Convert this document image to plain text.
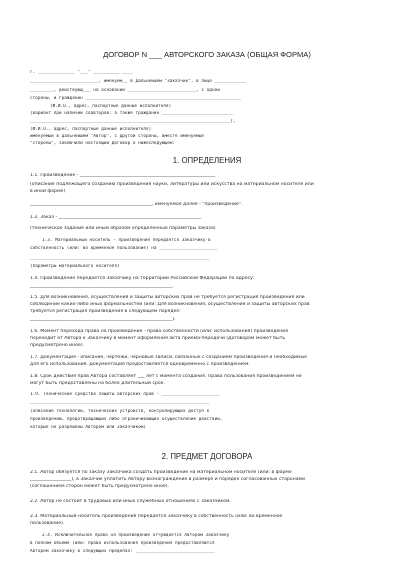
ДОГОВОР N ___ АВТОРСКОГО ЗАКАЗА (ОБЩАЯ ФОРМА)
г. ______________ "___" __________ ____
__________________________, именуем__ в дальнейшем "Заказчик", в лице ____________
_________, действующ___ на основании __________________________, с одной
стороны, и гражданин ___________________________________________________________
(Ф.И.О., адрес, паспортные данные исполнителя)
(вариант при наличии соавторов: а также гражданин ___________________________
____________________________________________________________________________),
(Ф.И.О., адрес, паспортные данные исполнителя)
именуемый в дальнейшем "Автор", с другой стороны, вместе именуемые
"стороны", заключили настоящий Договор о нижеследующем:
1. ОПРЕДЕЛЕНИЯ
1.1. Произведение - ___________________________________________________________
(описание подлежащего созданию произведения науки, литературы или искусства на материальном носителе или
в иной форме)
_____________________________________________________, именуемое далее - "произведение".
1.2. Заказ - ______________________________________________________________
(техническое задание или иным образом определенные параметры заказа)
1.3. Материальный носитель - произведение передается Заказчику в
собственность (или: во временное пользование) на ______________________
____________________________________________________________________
(параметры материального носителя)
1.4. Произведение передается Заказчику на территории Российской Федерации по адресу:
______________________________________________________________.
1.5. Для возникновения, осуществления и защиты авторских прав не требуется регистрация произведения или
соблюдение каких-либо иных формальностей (или: Для возникновения, осуществления и защиты авторских прав
требуется регистрация произведения в следующем порядке:
______________________________________________________________).
1.6. Момент перехода права на произведение - право собственности (или: использования) произведения
переходит от Автора к Заказчику в момент оформления акта приема-передачи (Договором может быть
предусмотрено иное).
1.7. Документация - описание, чертежи, черновые записи, связанные с созданием произведения и необходимые
для его использования. Документация предоставляется одновременно с произведением.
1.8. Срок действия прав Автора составляет ___ лет с момента создания. Права пользования произведением не
могут быть предоставлены на более длительный срок.
1.9. Технические средства защиты авторских прав - ______________________
____________________________________________________________________
(описание технологий, технических устройств, контролирующих доступ к
произведению, предотвращающих либо ограничивающих осуществление действий,
которые не разрешены Автором или Заказчиком)
2. ПРЕДМЕТ ДОГОВОРА
2.1. Автор обязуется по заказу Заказчика создать произведение на материальном носителе (или: в форме
__________________), а Заказчик уплатить Автору вознаграждение в размере и порядке согласованных сторонами
(соглашением сторон может быть предусмотрено иное).
2.2. Автор не состоит в трудовых или иных служебных отношениях с Заказчиком.
2.3. Материальный носитель произведения передается Заказчику в собственность (или: во временное
пользование).
2.4. Исключительное право на произведение отчуждается Автором Заказчику
в полном объеме (или: права использования произведения предоставляются
Автором Заказчику в следующих пределах: ______________________________
